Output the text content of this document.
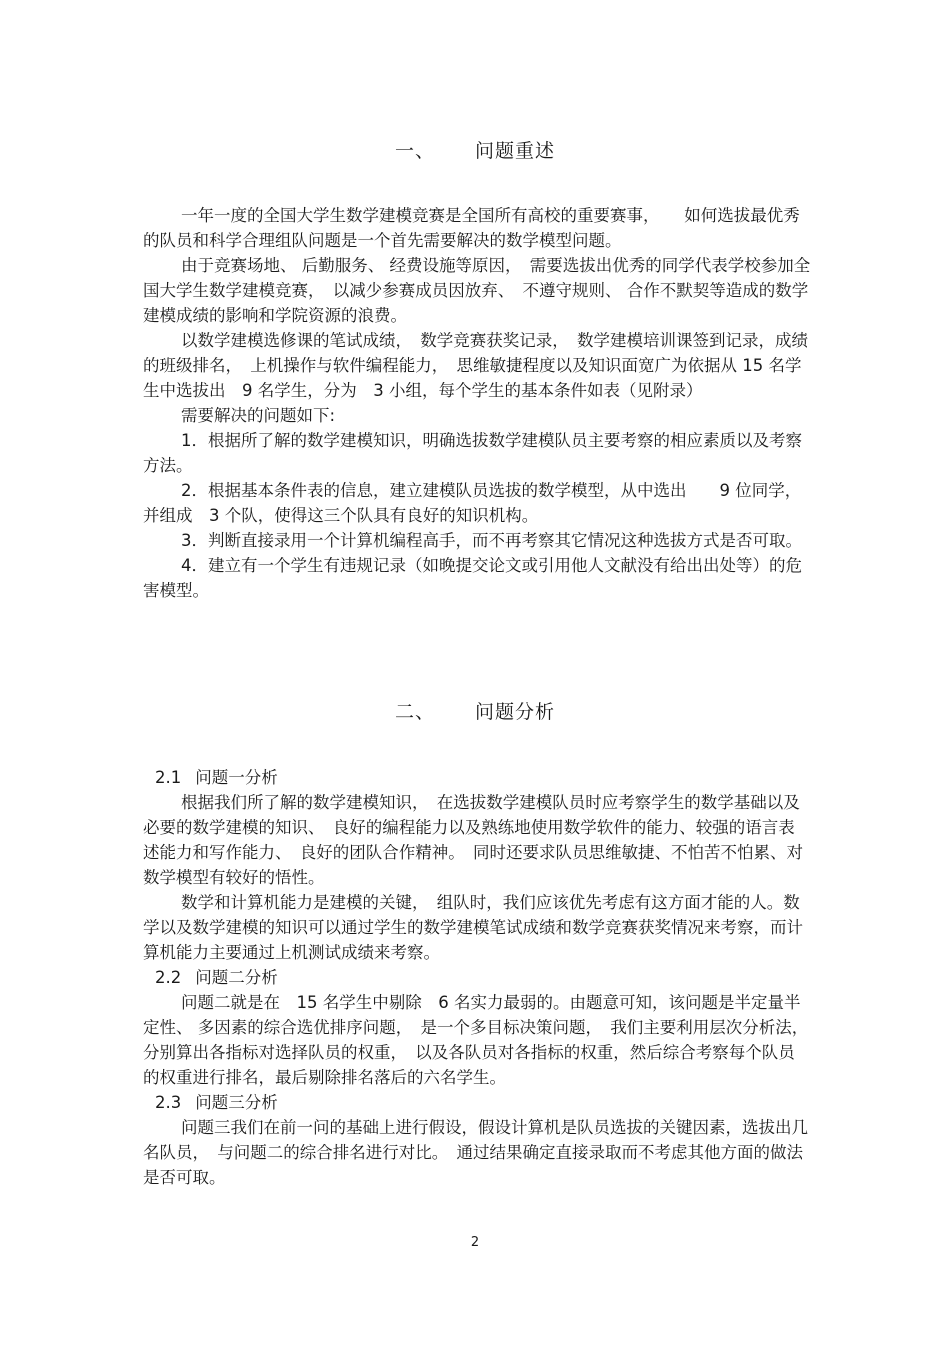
一、 问题重述

一年一度的全国大学生数学建模竞赛是全国所有高校的重要赛事，　　如何选拔最优秀的队员和科学合理组队问题是一个首先需要解决的数学模型问题。

由于竞赛场地、 后勤服务、 经费设施等原因，　需要选拔出优秀的同学代表学校参加全国大学生数学建模竞赛，　以减少参赛成员因放弃、　不遵守规则、 合作不默契等造成的数学建模成绩的影响和学院资源的浪费。

以数学建模选修课的笔试成绩，　数学竞赛获奖记录，　数学建模培训课签到记录，成绩的班级排名，　上机操作与软件编程能力，　思维敏捷程度以及知识面宽广为依据从 15 名学生中选拔出　9 名学生，分为　3 小组，每个学生的基本条件如表（见附录）

需要解决的问题如下:

1．根据所了解的数学建模知识，明确选拔数学建模队员主要考察的相应素质以及考察方法。

2．根据基本条件表的信息，建立建模队员选拔的数学模型，从中选出　　9 位同学，并组成　3 个队，使得这三个队具有良好的知识机构。

3．判断直接录用一个计算机编程高手，而不再考察其它情况这种选拔方式是否可取。

4．建立有一个学生有违规记录（如晚提交论文或引用他人文献没有给出出处等）的危害模型。

二、 问题分析

2.1 问题一分析

根据我们所了解的数学建模知识，　在选拔数学建模队员时应考察学生的数学基础以及必要的数学建模的知识、　良好的编程能力以及熟练地使用数学软件的能力、较强的语言表述能力和写作能力、　良好的团队合作精神。　同时还要求队员思维敏捷、不怕苦不怕累、对数学模型有较好的悟性。

数学和计算机能力是建模的关键，　组队时，我们应该优先考虑有这方面才能的人。数学以及数学建模的知识可以通过学生的数学建模笔试成绩和数学竞赛获奖情况来考察，而计算机能力主要通过上机测试成绩来考察。

2.2 问题二分析

问题二就是在　15 名学生中剔除　6 名实力最弱的。由题意可知，该问题是半定量半定性、 多因素的综合选优排序问题，　是一个多目标决策问题，　我们主要利用层次分析法，分别算出各指标对选择队员的权重，　以及各队员对各指标的权重，然后综合考察每个队员的权重进行排名，最后剔除排名落后的六名学生。

2.3 问题三分析

问题三我们在前一问的基础上进行假设，假设计算机是队员选拔的关键因素，选拔出几名队员，　与问题二的综合排名进行对比。　通过结果确定直接录取而不考虑其他方面的做法是否可取。

2
